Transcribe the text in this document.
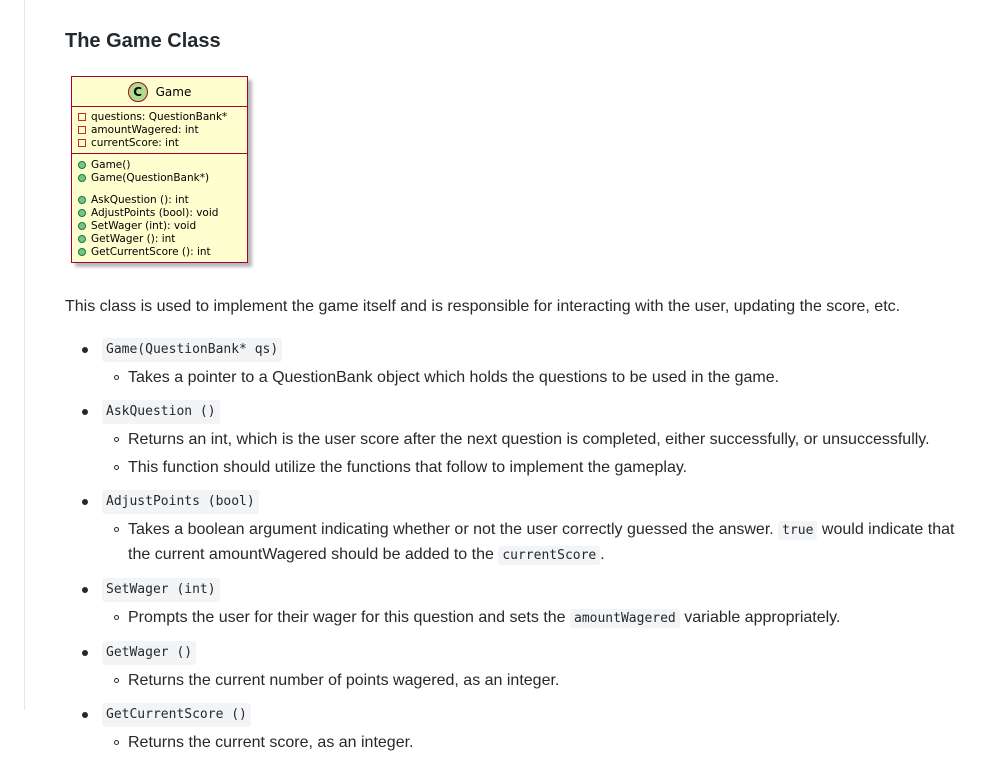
The Game Class
C	Game
questions: QuestionBank*
amountWagered: int
currentScore: int
Game()
Game(QuestionBank*)
AskQuestion (): int
AdjustPoints (bool): void
SetWager (int): void
GetWager (): int
GetCurrentScore (): int

This class is used to implement the game itself and is responsible for interacting with the user, updating the score, etc.

Game(QuestionBank* qs)
Takes a pointer to a QuestionBank object which holds the questions to be used in the game.
AskQuestion ()
Returns an int, which is the user score after the next question is completed, either successfully, or unsuccessfully.
This function should utilize the functions that follow to implement the gameplay.
AdjustPoints (bool)
Takes a boolean argument indicating whether or not the user correctly guessed the answer. true would indicate that the current amountWagered should be added to the currentScore .
SetWager (int)
Prompts the user for their wager for this question and sets the amountWagered variable appropriately.
GetWager ()
Returns the current number of points wagered, as an integer.
GetCurrentScore ()
Returns the current score, as an integer.
